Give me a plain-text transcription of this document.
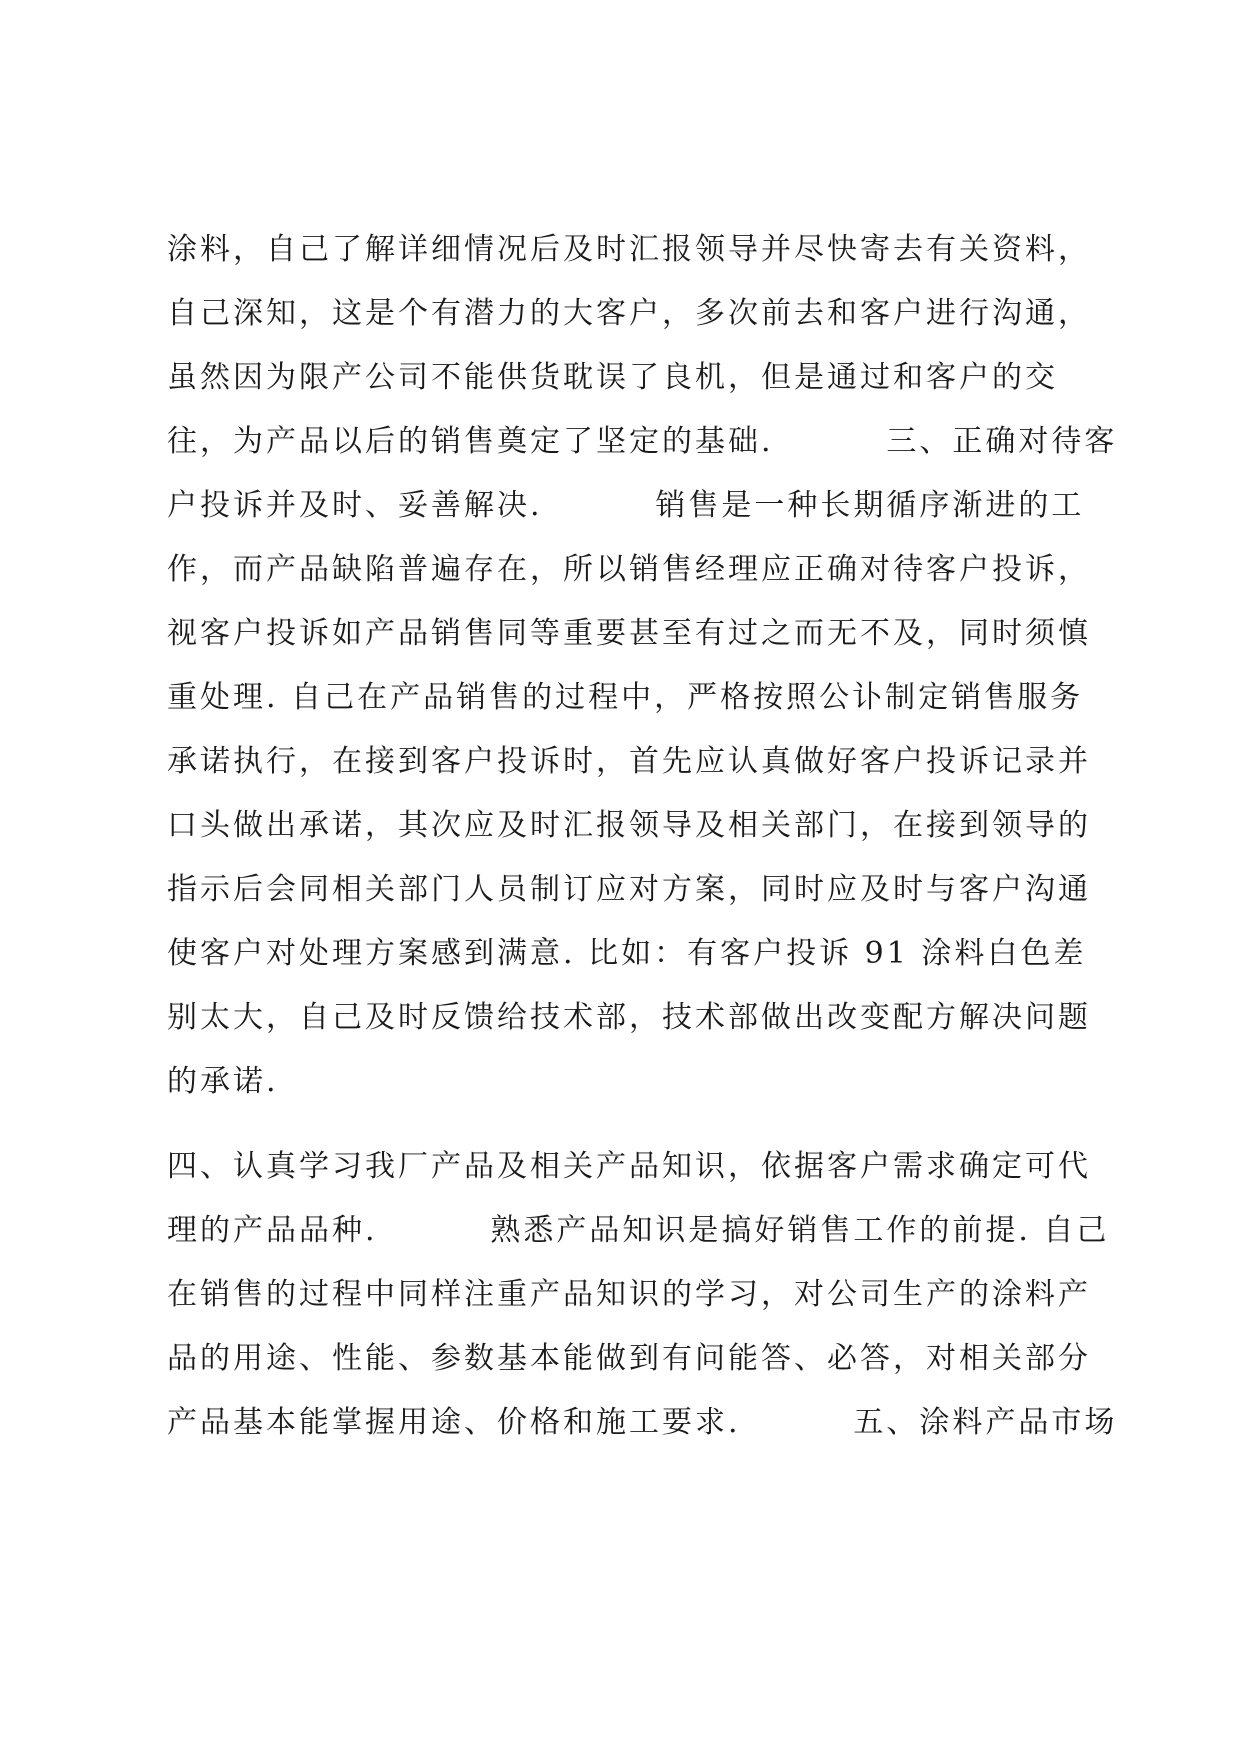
涂料，自己了解详细情况后及时汇报领导并尽快寄去有关资料，
自己深知，这是个有潜力的大客户，多次前去和客户进行沟通，
虽然因为限产公司不能供货耽误了良机，但是通过和客户的交
往，为产品以后的销售奠定了坚定的基础.         三、正确对待客
户投诉并及时、妥善解决.         销售是一种长期循序渐进的工
作，而产品缺陷普遍存在，所以销售经理应正确对待客户投诉，
视客户投诉如产品销售同等重要甚至有过之而无不及，同时须慎
重处理. 自己在产品销售的过程中，严格按照公讣制定销售服务
承诺执行，在接到客户投诉时，首先应认真做好客户投诉记录并
口头做出承诺，其次应及时汇报领导及相关部门，在接到领导的
指示后会同相关部门人员制订应对方案，同时应及时与客户沟通
使客户对处理方案感到满意. 比如：有客户投诉 91 涂料白色差
别太大，自己及时反馈给技术部，技术部做出改变配方解决问题
的承诺.
四、认真学习我厂产品及相关产品知识，依据客户需求确定可代
理的产品品种.         熟悉产品知识是搞好销售工作的前提. 自己
在销售的过程中同样注重产品知识的学习，对公司生产的涂料产
品的用途、性能、参数基本能做到有问能答、必答，对相关部分
产品基本能掌握用途、价格和施工要求.         五、涂料产品市场
